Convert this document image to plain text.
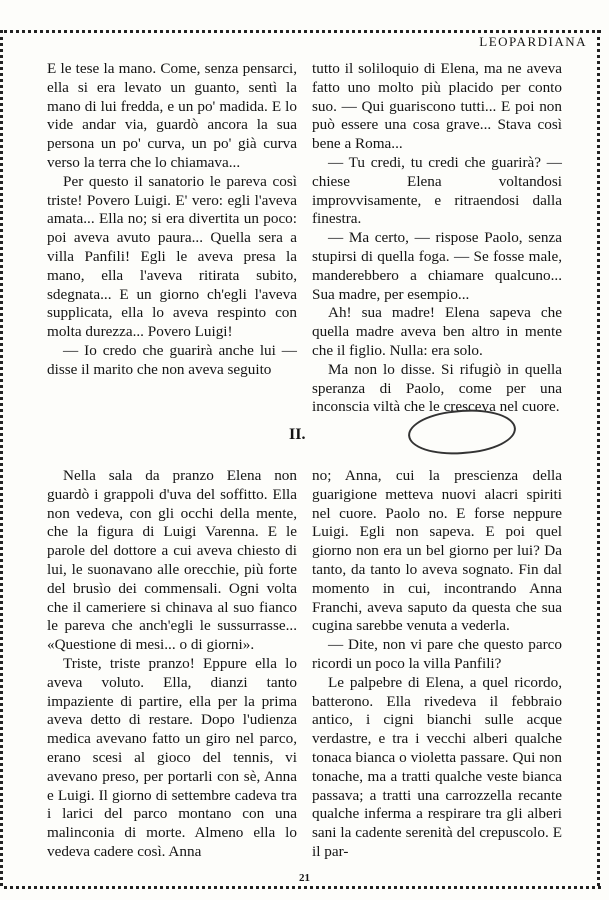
LEOPARDIANA

E le tese la mano. Come, senza pensarci, ella si era levato un guanto, sentì la mano di lui fredda, e un po' madida. E lo vide andar via, guardò ancora la sua persona un po' curva, un po' già curva verso la terra che lo chiamava...

Per questo il sanatorio le pareva così triste! Povero Luigi. E' vero: egli l'aveva amata... Ella no; si era divertita un poco: poi aveva avuto paura... Quella sera a villa Panfili! Egli le aveva presa la mano, ella l'aveva ritirata subito, sdegnata... E un giorno ch'egli l'aveva supplicata, ella lo aveva respinto con molta durezza... Povero Luigi!

— Io credo che guarirà anche lui — disse il marito che non aveva seguito

tutto il soliloquio di Elena, ma ne aveva fatto uno molto più placido per conto suo. — Qui guariscono tutti... E poi non può essere una cosa grave... Stava così bene a Roma...

— Tu credi, tu credi che guarirà? — chiese Elena voltandosi improvvisamente, e ritraendosi dalla finestra.

— Ma certo, — rispose Paolo, senza stupirsi di quella foga. — Se fosse male, manderebbero a chiamare qualcuno... Sua madre, per esempio...

Ah! sua madre! Elena sapeva che quella madre aveva ben altro in mente che il figlio. Nulla: era solo.

Ma non lo disse. Si rifugiò in quella speranza di Paolo, come per una inconscia viltà che le cresceva nel cuore.

II.

Nella sala da pranzo Elena non guardò i grappoli d'uva del soffitto. Ella non vedeva, con gli occhi della mente, che la figura di Luigi Varenna. E le parole del dottore a cui aveva chiesto di lui, le suonavano alle orecchie, più forte del brusìo dei commensali. Ogni volta che il cameriere si chinava al suo fianco le pareva che anch'egli le sussurrasse... «Questione di mesi... o di giorni».

Triste, triste pranzo! Eppure ella lo aveva voluto. Ella, dianzi tanto impaziente di partire, ella per la prima aveva detto di restare. Dopo l'udienza medica avevano fatto un giro nel parco, erano scesi al gioco del tennis, vi avevano preso, per portarli con sè, Anna e Luigi. Il giorno di settembre cadeva tra i larici del parco montano con una malinconia di morte. Almeno ella lo vedeva cadere così. Anna

no; Anna, cui la prescienza della guarigione metteva nuovi alacri spiriti nel cuore. Paolo no. E forse neppure Luigi. Egli non sapeva. E poi quel giorno non era un bel giorno per lui? Da tanto, da tanto lo aveva sognato. Fin dal momento in cui, incontrando Anna Franchi, aveva saputo da questa che sua cugina sarebbe venuta a vederla.

— Dite, non vi pare che questo parco ricordi un poco la villa Panfili?

Le palpebre di Elena, a quel ricordo, batterono. Ella rivedeva il febbraio antico, i cigni bianchi sulle acque verdastre, e tra i vecchi alberi qualche tonaca bianca o violetta passare. Qui non tonache, ma a tratti qualche veste bianca passava; a tratti una carrozzella recante qualche inferma a respirare tra gli alberi sani la cadente serenità del crepuscolo. E il par-

21
